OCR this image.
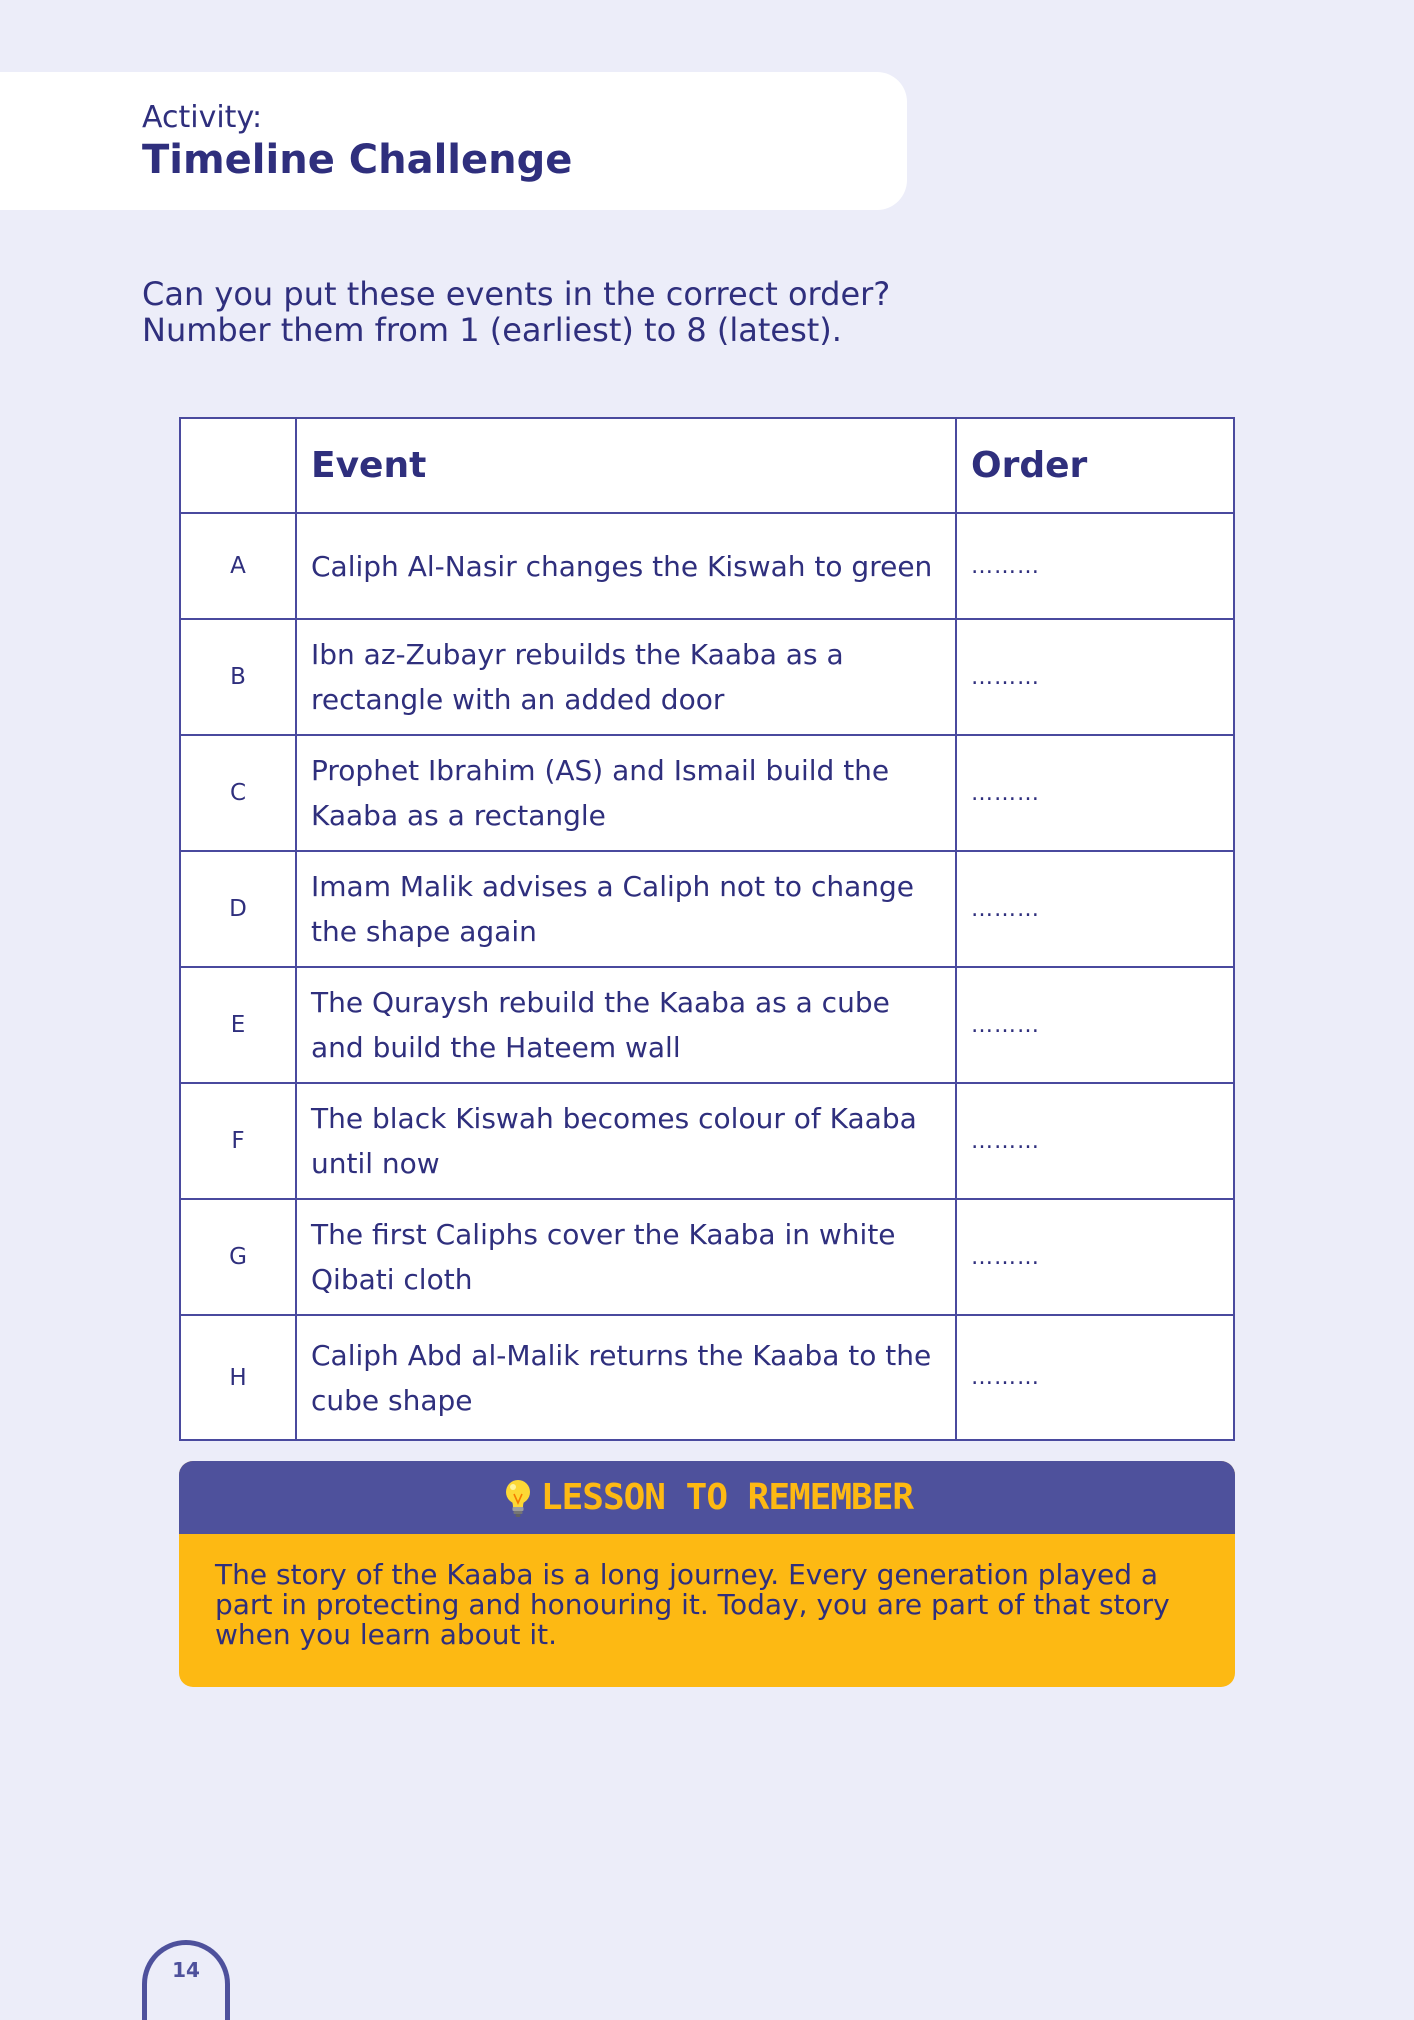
Activity:
Timeline Challenge
Can you put these events in the correct order?
Number them from 1 (earliest) to 8 (latest).
	Event	Order
A	Caliph Al-Nasir changes the Kiswah to green	………
B	Ibn az-Zubayr rebuilds the Kaaba as a rectangle with an added door	………
C	Prophet Ibrahim (AS) and Ismail build the Kaaba as a rectangle	………
D	Imam Malik advises a Caliph not to change the shape again	………
E	The Quraysh rebuild the Kaaba as a cube and build the Hateem wall	………
F	The black Kiswah becomes colour of Kaaba until now	………
G	The first Caliphs cover the Kaaba in white Qibati cloth	………
H	Caliph Abd al-Malik returns the Kaaba to the cube shape	………
LESSON TO REMEMBER
The story of the Kaaba is a long journey. Every generation played a part in protecting and honouring it. Today, you are part of that story when you learn about it.
14
